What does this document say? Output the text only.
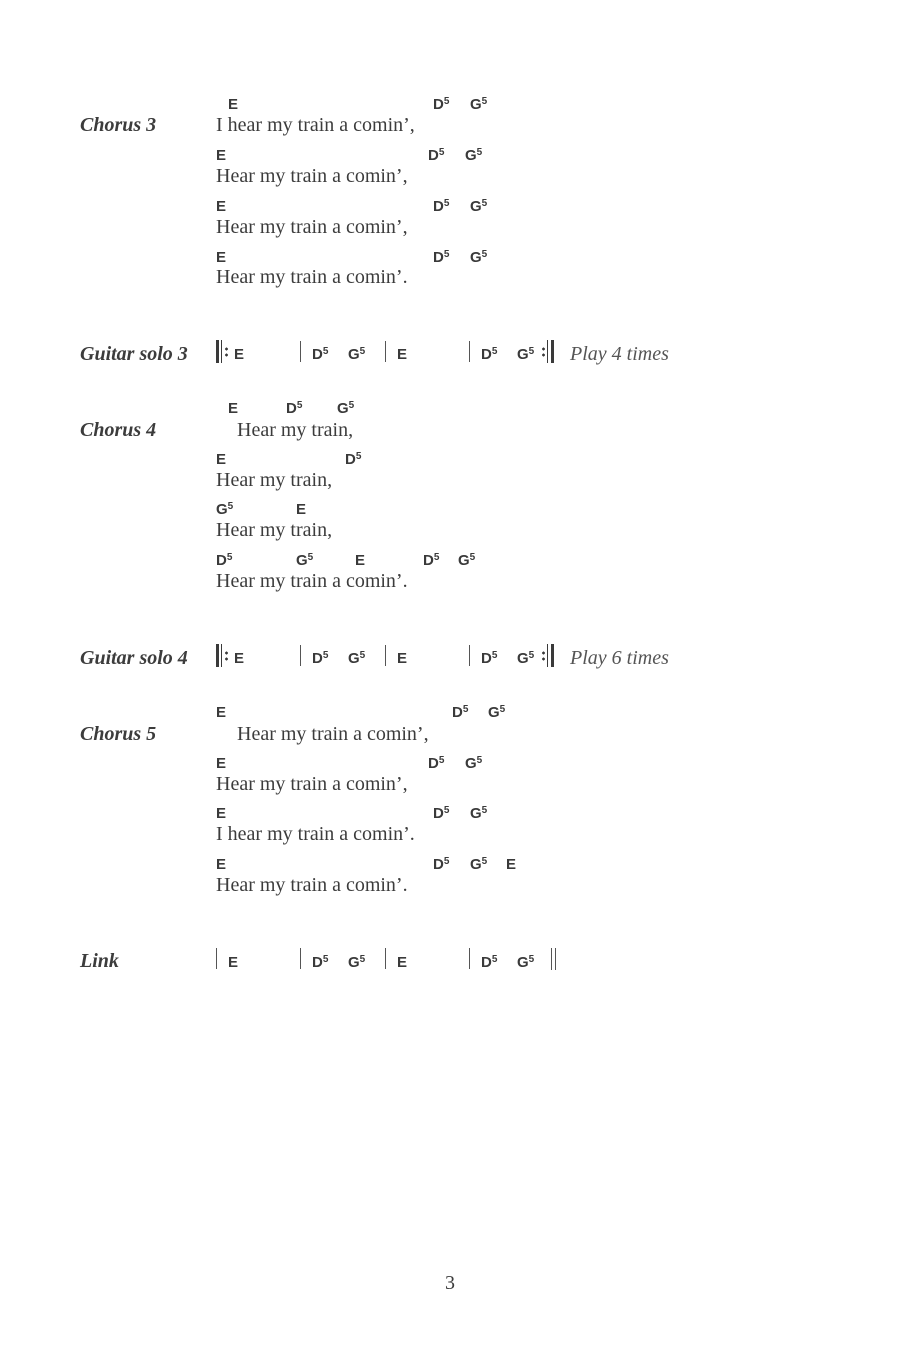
Chorus 3
E	$D^5$ $G^5$
I hear my train a comin’,
E	$D^5$ $G^5$
Hear my train a comin’,
E	$D^5$ $G^5$
Hear my train a comin’,
E	$D^5$ $G^5$
Hear my train a comin’.
Guitar solo 3	E	$D^5$ $G^5$ E	$D^5$ $G^5$ Play 4 times
Chorus 4
E	$D^5$ $G^5$
Hear my train,
E	$D^5$
Hear my train,
$G^5$	E
Hear my train,
$D^5$	$G^5$	E	$D^5$ $G^5$
Hear my train a comin’.
Guitar solo 4	E	$D^5$ $G^5$ E	$D^5$ $G^5$ Play 6 times
Chorus 5
E	$D^5$ $G^5$
Hear my train a comin’,
E	$D^5$ $G^5$
Hear my train a comin’,
E	$D^5$ $G^5$
I hear my train a comin’.
E	$D^5$ $G^5$ E
Hear my train a comin’.
Link	E	$D^5$ $G^5$ E	$D^5$ $G^5$
3
